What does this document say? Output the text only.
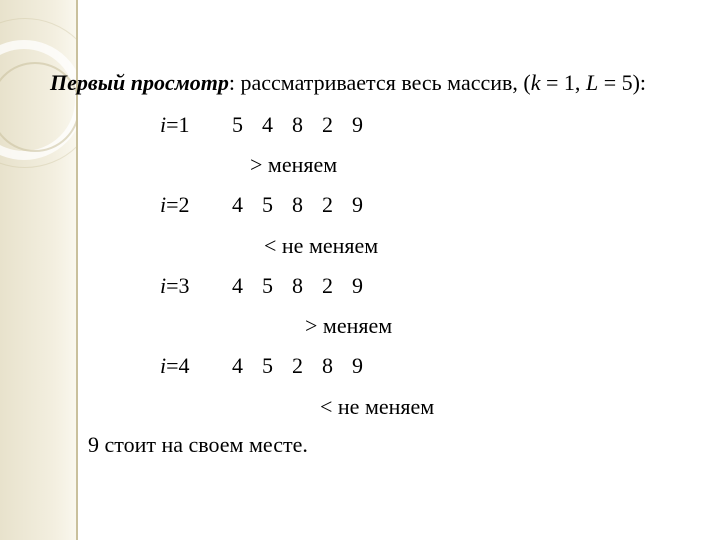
Первый просмотр: рассматривается весь массив, (k = 1, L = 5):
i=1 5  4  8  2  9
> меняем
i=2 4  5  8  2  9
< не меняем
i=3 4  5  8  2  9
> меняем
i=4 4  5  2  8  9
< не меняем
9 стоит на своем месте.
